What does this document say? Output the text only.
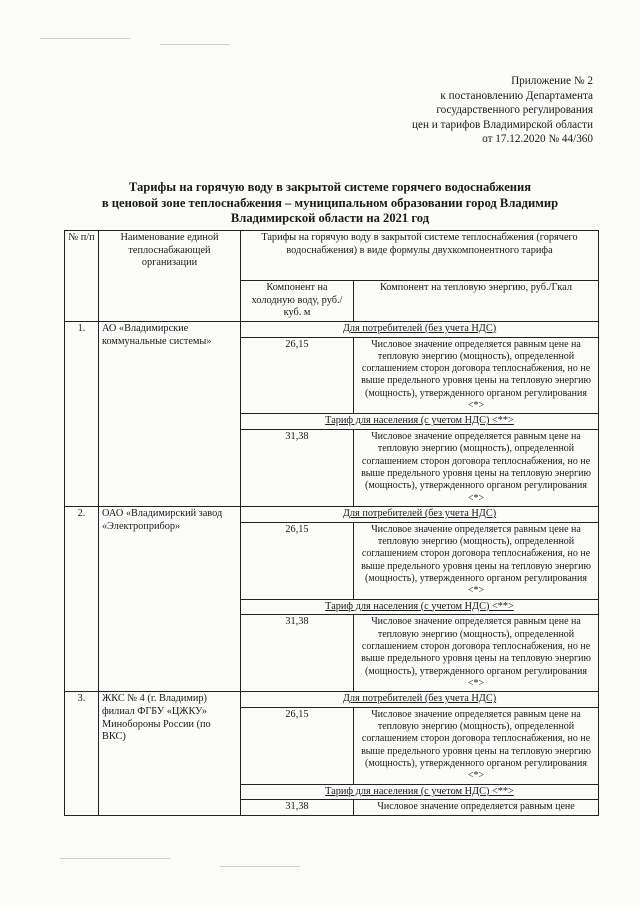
Приложение № 2
к постановлению Департамента
государственного регулирования
цен и тарифов Владимирской области
от 17.12.2020 № 44/360
Тарифы на горячую воду в закрытой системе горячего водоснабжения
в ценовой зоне теплоснабжения – муниципальном образовании город Владимир
Владимирской области на 2021 год
№ п/п	Наименование единой теплоснабжающей организации	Тарифы на горячую воду в закрытой системе теплоснабжения (горячего водоснабжения) в виде формулы двухкомпонентного тарифа	
		Компонент на холодную воду, руб./куб. м	Компонент на тепловую энергию, руб./Гкал
1.	АО «Владимирские коммунальные системы»	Для потребителей (без учета НДС)	
		26,15	Числовое значение определяется равным цене на тепловую энергию (мощность), определенной соглашением сторон договора теплоснабжения, но не выше предельного уровня цены на тепловую энергию (мощность), утвержденного органом регулирования <*>
		Тариф для населения (с учетом НДС) <**>	
		31,38	Числовое значение определяется равным цене на тепловую энергию (мощность), определенной соглашением сторон договора теплоснабжения, но не выше предельного уровня цены на тепловую энергию (мощность), утвержденного органом регулирования <*>
2.	ОАО «Владимирский завод «Электроприбор»	Для потребителей (без учета НДС)	
		26,15	Числовое значение определяется равным цене на тепловую энергию (мощность), определенной соглашением сторон договора теплоснабжения, но не выше предельного уровня цены на тепловую энергию (мощность), утвержденного органом регулирования <*>
		Тариф для населения (с учетом НДС) <**>	
		31,38	Числовое значение определяется равным цене на тепловую энергию (мощность), определенной соглашением сторон договора теплоснабжения, но не выше предельного уровня цены на тепловую энергию (мощность), утвержденного органом регулирования <*>
3.	ЖКС № 4 (г. Владимир) филиал ФГБУ «ЦЖКУ» Минобороны России (по ВКС)	Для потребителей (без учета НДС)	
		26,15	Числовое значение определяется равным цене на тепловую энергию (мощность), определенной соглашением сторон договора теплоснабжения, но не выше предельного уровня цены на тепловую энергию (мощность), утвержденного органом регулирования <*>
		Тариф для населения (с учетом НДС) <**>	
		31,38	Числовое значение определяется равным цене
